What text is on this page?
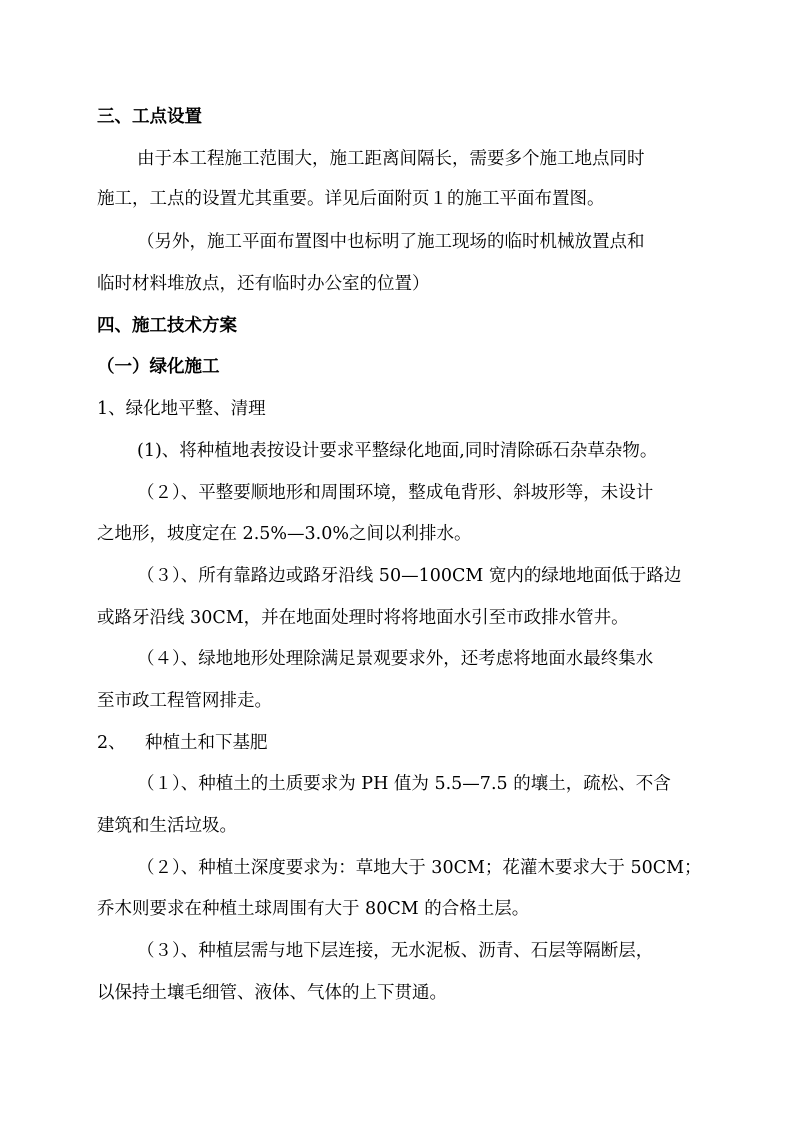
三、工点设置
由于本工程施工范围大，施工距离间隔长，需要多个施工地点同时
施工，工点的设置尤其重要。详见后面附页１的施工平面布置图。
（另外，施工平面布置图中也标明了施工现场的临时机械放置点和
临时材料堆放点，还有临时办公室的位置）
四、施工技术方案
（一）绿化施工
1、绿化地平整、清理
(1)、将种植地表按设计要求平整绿化地面,同时清除砾石杂草杂物。
（２）、平整要顺地形和周围环境，整成龟背形、斜坡形等，未设计
之地形，坡度定在 2.5%—3.0%之间以利排水。
（３）、所有靠路边或路牙沿线 50—100CM 宽内的绿地地面低于路边
或路牙沿线 30CM，并在地面处理时将将地面水引至市政排水管井。
（４）、绿地地形处理除满足景观要求外，还考虑将地面水最终集水
至市政工程管网排走。
2、 种植土和下基肥
（１）、种植土的土质要求为 PH 值为 5.5—7.5 的壤土，疏松、不含
建筑和生活垃圾。
（２）、种植土深度要求为：草地大于 30CM；花灌木要求大于 50CM；
乔木则要求在种植土球周围有大于 80CM 的合格土层。
（３）、种植层需与地下层连接，无水泥板、沥青、石层等隔断层，
以保持土壤毛细管、液体、气体的上下贯通。
